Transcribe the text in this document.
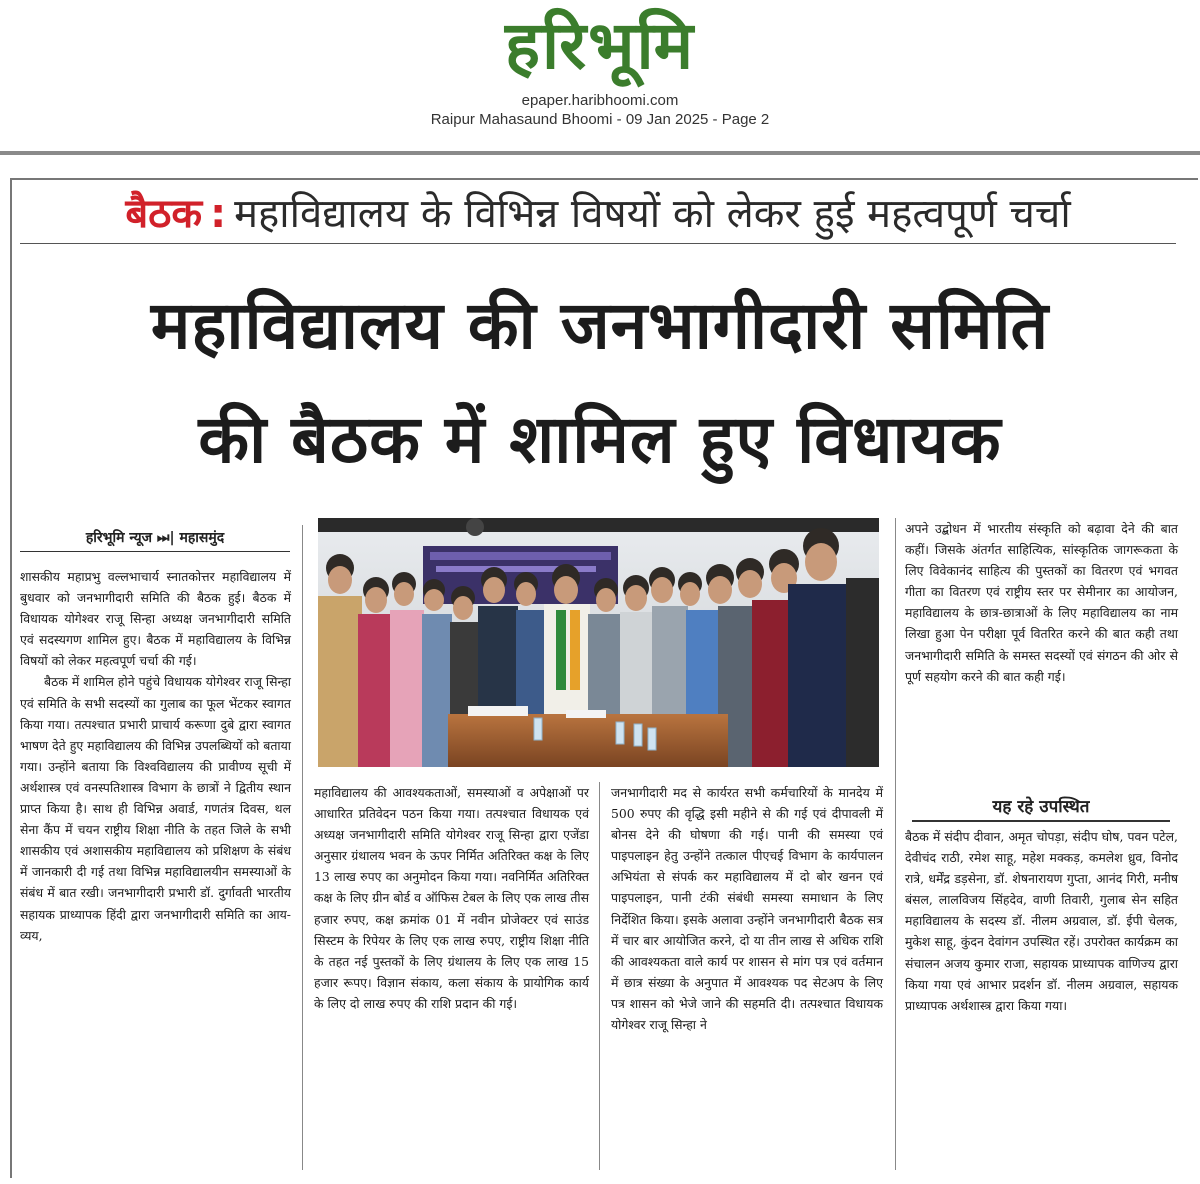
हरिभूमि
epaper.haribhoomi.com
Raipur Mahasaund Bhoomi - 09 Jan 2025 - Page 2
बैठक : महाविद्यालय के विभिन्न विषयों को लेकर हुई महत्वपूर्ण चर्चा
महाविद्यालय की जनभागीदारी समिति
की बैठक में शामिल हुए विधायक
हरिभूमि न्यूज ⏭| महासमुंद

शासकीय महाप्रभु वल्लभाचार्य स्नातकोत्तर महाविद्यालय में बुधवार को जनभागीदारी समिति की बैठक हुई। बैठक में विधायक योगेश्वर राजू सिन्हा अध्यक्ष जनभागीदारी समिति एवं सदस्यगण शामिल हुए। बैठक में महाविद्यालय के विभिन्न विषयों को लेकर महत्वपूर्ण चर्चा की गई।

बैठक में शामिल होने पहुंचे विधायक योगेश्वर राजू सिन्हा एवं समिति के सभी सदस्यों का गुलाब का फूल भेंटकर स्वागत किया गया। तत्पश्चात प्रभारी प्राचार्य करूणा दुबे द्वारा स्वागत भाषण देते हुए महाविद्यालय की विभिन्न उपलब्धियों को बताया गया। उन्होंने बताया कि विश्वविद्यालय की प्रावीण्य सूची में अर्थशास्त्र एवं वनस्पतिशास्त्र विभाग के छात्रों ने द्वितीय स्थान प्राप्त किया है। साथ ही विभिन्न अवार्ड, गणतंत्र दिवस, थल सेना कैंप में चयन राष्ट्रीय शिक्षा नीति के तहत जिले के सभी शासकीय एवं अशासकीय महाविद्यालय को प्रशिक्षण के संबंध में जानकारी दी गई तथा विभिन्न महाविद्यालयीन समस्याओं के संबंध में बात रखी। जनभागीदारी प्रभारी डॉ. दुर्गावती भारतीय सहायक प्राध्यापक हिंदी द्वारा जनभागीदारी समिति का आय-व्यय,

महाविद्यालय की आवश्यकताओं, समस्याओं व अपेक्षाओं पर आधारित प्रतिवेदन पठन किया गया। तत्पश्चात विधायक एवं अध्यक्ष जनभागीदारी समिति योगेश्वर राजू सिन्हा द्वारा एजेंडा अनुसार ग्रंथालय भवन के ऊपर निर्मित अतिरिक्त कक्ष के लिए 13 लाख रुपए का अनुमोदन किया गया। नवनिर्मित अतिरिक्त कक्ष के लिए ग्रीन बोर्ड व ऑफिस टेबल के लिए एक लाख तीस हजार रुपए, कक्ष क्रमांक 01 में नवीन प्रोजेक्टर एवं साउंड सिस्टम के रिपेयर के लिए एक लाख रुपए, राष्ट्रीय शिक्षा नीति के तहत नई पुस्तकों के लिए ग्रंथालय के लिए एक लाख 15 हजार रूपए। विज्ञान संकाय, कला संकाय के प्रायोगिक कार्य के लिए दो लाख रुपए की राशि प्रदान की गई।

जनभागीदारी मद से कार्यरत सभी कर्मचारियों के मानदेय में 500 रुपए की वृद्धि इसी महीने से की गई एवं दीपावली में बोनस देने की घोषणा की गई। पानी की समस्या एवं पाइपलाइन हेतु उन्होंने तत्काल पीएचई विभाग के कार्यपालन अभियंता से संपर्क कर महाविद्यालय में दो बोर खनन एवं पाइपलाइन, पानी टंकी संबंधी समस्या समाधान के लिए निर्देशित किया। इसके अलावा उन्होंने जनभागीदारी बैठक सत्र में चार बार आयोजित करने, दो या तीन लाख से अधिक राशि की आवश्यकता वाले कार्य पर शासन से मांग पत्र एवं वर्तमान में छात्र संख्या के अनुपात में आवश्यक पद सेटअप के लिए पत्र शासन को भेजे जाने की सहमति दी। तत्पश्चात विधायक योगेश्वर राजू सिन्हा ने

अपने उद्बोधन में भारतीय संस्कृति को बढ़ावा देने की बात कहीं। जिसके अंतर्गत साहित्यिक, सांस्कृतिक जागरूकता के लिए विवेकानंद साहित्य की पुस्तकों का वितरण एवं भगवत गीता का वितरण एवं राष्ट्रीय स्तर पर सेमीनार का आयोजन, महाविद्यालय के छात्र-छात्राओं के लिए महाविद्यालय का नाम लिखा हुआ पेन परीक्षा पूर्व वितरित करने की बात कही तथा जनभागीदारी समिति के समस्त सदस्यों एवं संगठन की ओर से पूर्ण सहयोग करने की बात कही गई।

यह रहे उपस्थित

बैठक में संदीप दीवान, अमृत चोपड़ा, संदीप घोष, पवन पटेल, देवीचंद राठी, रमेश साहू, महेश मक्कड़, कमलेश ध्रुव, विनोद रात्रे, धर्मेंद्र डड़सेना, डॉ. शेषनारायण गुप्ता, आनंद गिरी, मनीष बंसल, लालविजय सिंहदेव, वाणी तिवारी, गुलाब सेन सहित महाविद्यालय के सदस्य डॉ. नीलम अग्रवाल, डॉ. ईपी चेलक, मुकेश साहू, कुंदन देवांगन उपस्थित रहें। उपरोक्त कार्यक्रम का संचालन अजय कुमार राजा, सहायक प्राध्यापक वाणिज्य द्वारा किया गया एवं आभार प्रदर्शन डॉ. नीलम अग्रवाल, सहायक प्राध्यापक अर्थशास्त्र द्वारा किया गया।
